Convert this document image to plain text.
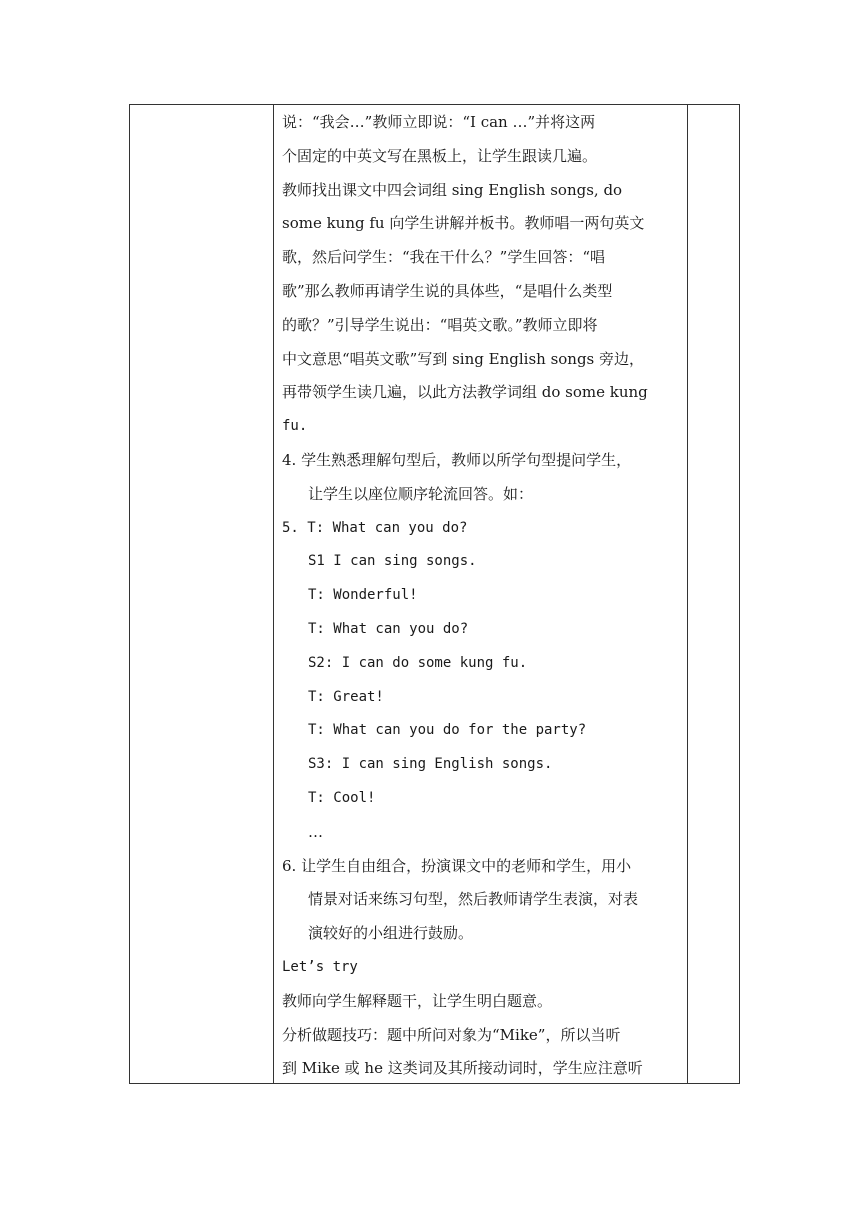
说：“我会…”教师立即说：“I can …”并将这两
个固定的中英文写在黑板上，让学生跟读几遍。
教师找出课文中四会词组 sing English songs, do
some kung fu 向学生讲解并板书。教师唱一两句英文
歌，然后问学生：“我在干什么？”学生回答：“唱
歌”那么教师再请学生说的具体些，“是唱什么类型
的歌？”引导学生说出：“唱英文歌。”教师立即将
中文意思“唱英文歌”写到 sing English songs 旁边，
再带领学生读几遍，以此方法教学词组 do some kung
fu.
4. 学生熟悉理解句型后，教师以所学句型提问学生，
让学生以座位顺序轮流回答。如：
5. T: What can you do?
S1 I can sing songs.
T: Wonderful!
T: What can you do?
S2: I can do some kung fu.
T: Great!
T: What can you do for the party?
S3: I can sing English songs.
T: Cool!
…
6. 让学生自由组合，扮演课文中的老师和学生，用小
情景对话来练习句型，然后教师请学生表演，对表
演较好的小组进行鼓励。
Let’s try
教师向学生解释题干，让学生明白题意。
分析做题技巧：题中所问对象为“Mike”，所以当听
到 Mike 或 he 这类词及其所接动词时，学生应注意听
